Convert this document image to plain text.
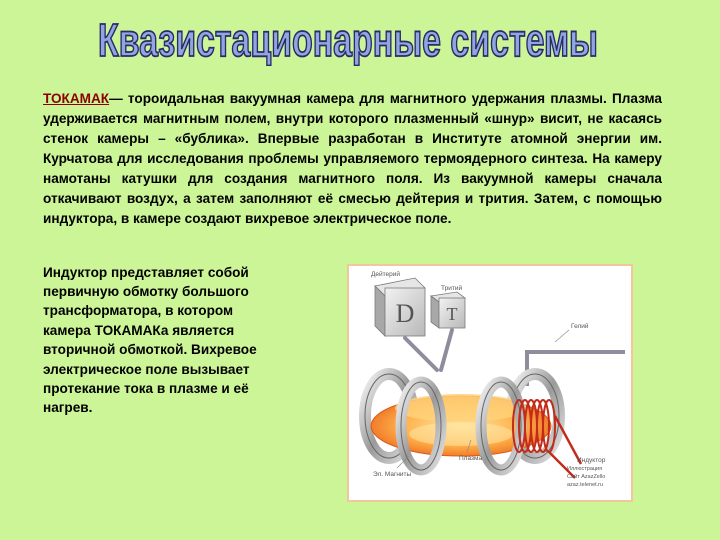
Квазистационарные системы

ТОКАМАК— тороидальная вакуумная камера для магнитного удержания плазмы. Плазма удерживается магнитным полем, внутри которого плазменный «шнур» висит, не касаясь стенок камеры – «бублика». Впервые разработан в Институте атомной энергии им. Курчатова для исследования проблемы управляемого термоядерного синтеза. На камеру намотаны катушки для создания магнитного поля. Из вакуумной камеры сначала откачивают воздух, а затем заполняют её смесью дейтерия и трития. Затем, с помощью индуктора, в камере создают вихревое электрическое поле.

Индуктор представляет собой первичную обмотку большого трансформатора, в котором камера ТОКАМАКа является вторичной обмоткой. Вихревое электрическое поле вызывает протекание тока в плазме и её нагрев.

D T
Дейтерий
Тритий
Гелий
Эл. Магниты
Плазма	Индуктор
Иллюстрация
Сайт AzazZello
azaz.telenet.ru
